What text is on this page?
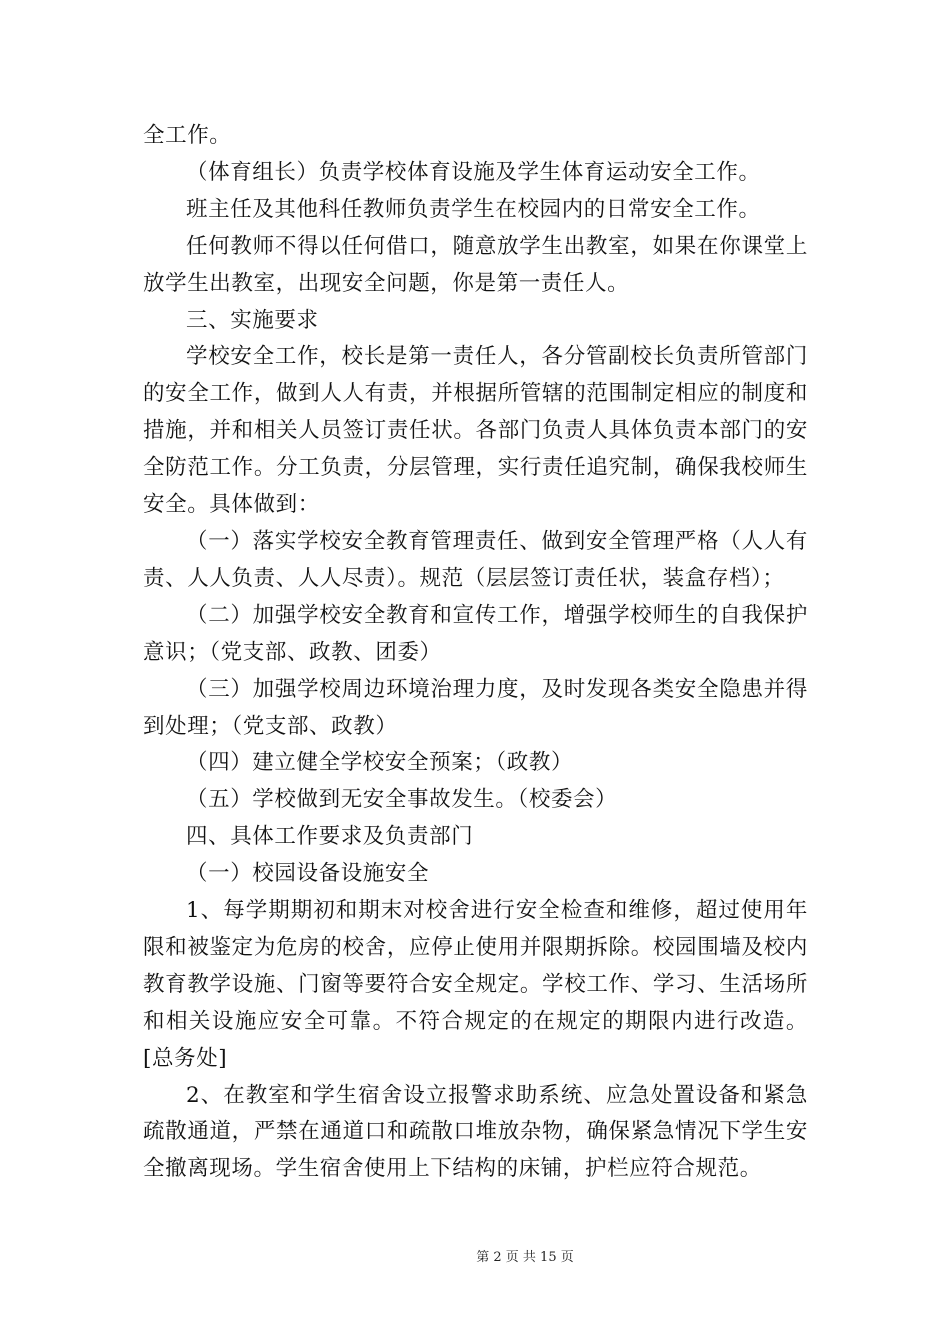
全工作。

（体育组长）负责学校体育设施及学生体育运动安全工作。

班主任及其他科任教师负责学生在校园内的日常安全工作。

任何教师不得以任何借口，随意放学生出教室，如果在你课堂上放学生出教室，出现安全问题，你是第一责任人。

三、实施要求

学校安全工作，校长是第一责任人，各分管副校长负责所管部门的安全工作，做到人人有责，并根据所管辖的范围制定相应的制度和措施，并和相关人员签订责任状。各部门负责人具体负责本部门的安全防范工作。分工负责，分层管理，实行责任追究制，确保我校师生安全。具体做到：

（一）落实学校安全教育管理责任、做到安全管理严格（人人有责、人人负责、人人尽责）。规范（层层签订责任状，装盒存档）；

（二）加强学校安全教育和宣传工作，增强学校师生的自我保护意识；（党支部、政教、团委）

（三）加强学校周边环境治理力度，及时发现各类安全隐患并得到处理；（党支部、政教）

（四）建立健全学校安全预案；（政教）

（五）学校做到无安全事故发生。（校委会）

四、具体工作要求及负责部门

（一）校园设备设施安全

1、每学期期初和期末对校舍进行安全检查和维修，超过使用年限和被鉴定为危房的校舍，应停止使用并限期拆除。校园围墙及校内教育教学设施、门窗等要符合安全规定。学校工作、学习、生活场所和相关设施应安全可靠。不符合规定的在规定的期限内进行改造。[总务处]

2、在教室和学生宿舍设立报警求助系统、应急处置设备和紧急疏散通道，严禁在通道口和疏散口堆放杂物，确保紧急情况下学生安全撤离现场。学生宿舍使用上下结构的床铺，护栏应符合规范。

第 2 页 共 15 页
